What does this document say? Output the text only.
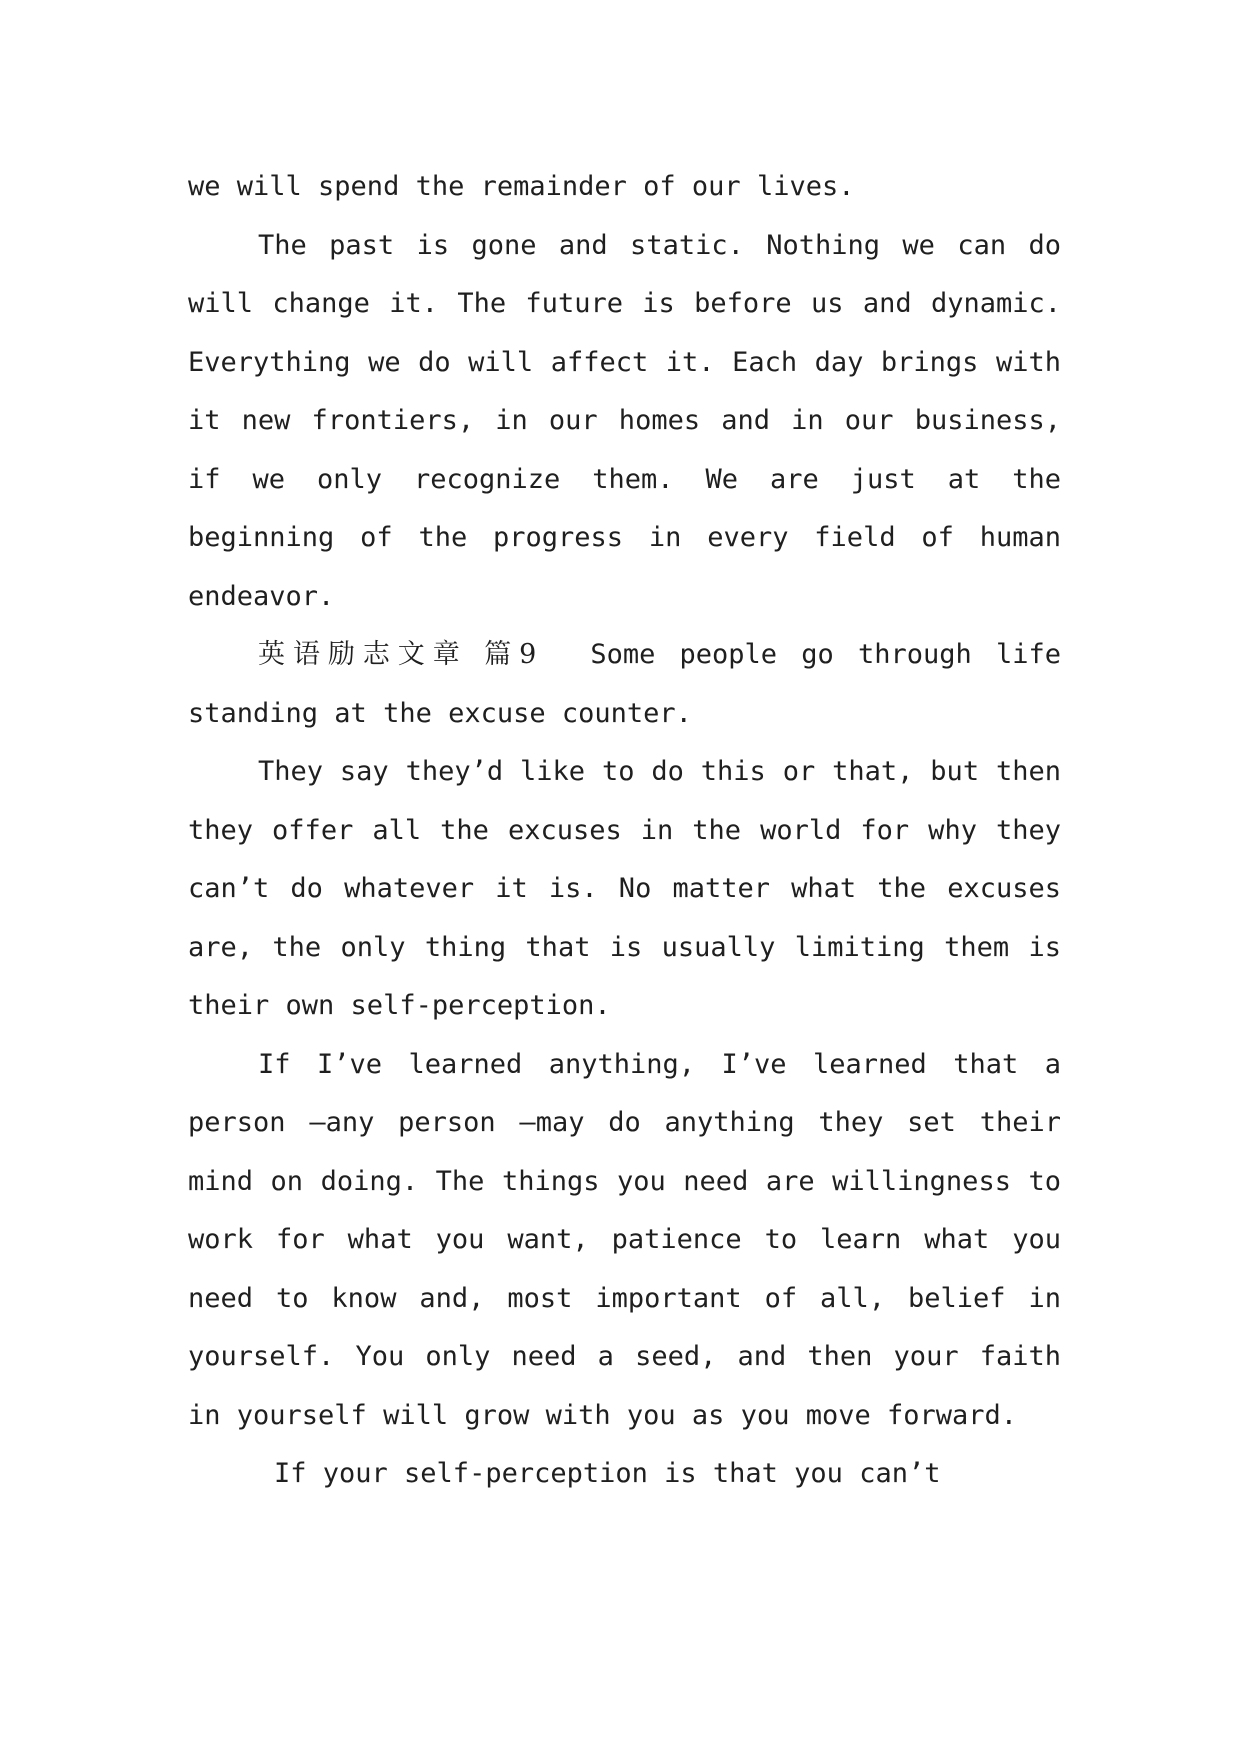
we will spend the remainder of our lives.

The past is gone and static. Nothing we can do will change it. The future is before us and dynamic. Everything we do will affect it. Each day brings with it new frontiers, in our homes and in our business, if we only recognize them. We are just at the beginning of the progress in every field of human endeavor.

英语励志文章 篇9 Some people go through life standing at the excuse counter.

They say they’d like to do this or that, but then they offer all the excuses in the world for why they can’t do whatever it is. No matter what the excuses are, the only thing that is usually limiting them is their own self-perception.

If I’ve learned anything, I’ve learned that a person —any person —may do anything they set their mind on doing. The things you need are willingness to work for what you want, patience to learn what you need to know and, most important of all, belief in yourself. You only need a seed, and then your faith in yourself will grow with you as you move forward.

If your self-perception is that you can’t
